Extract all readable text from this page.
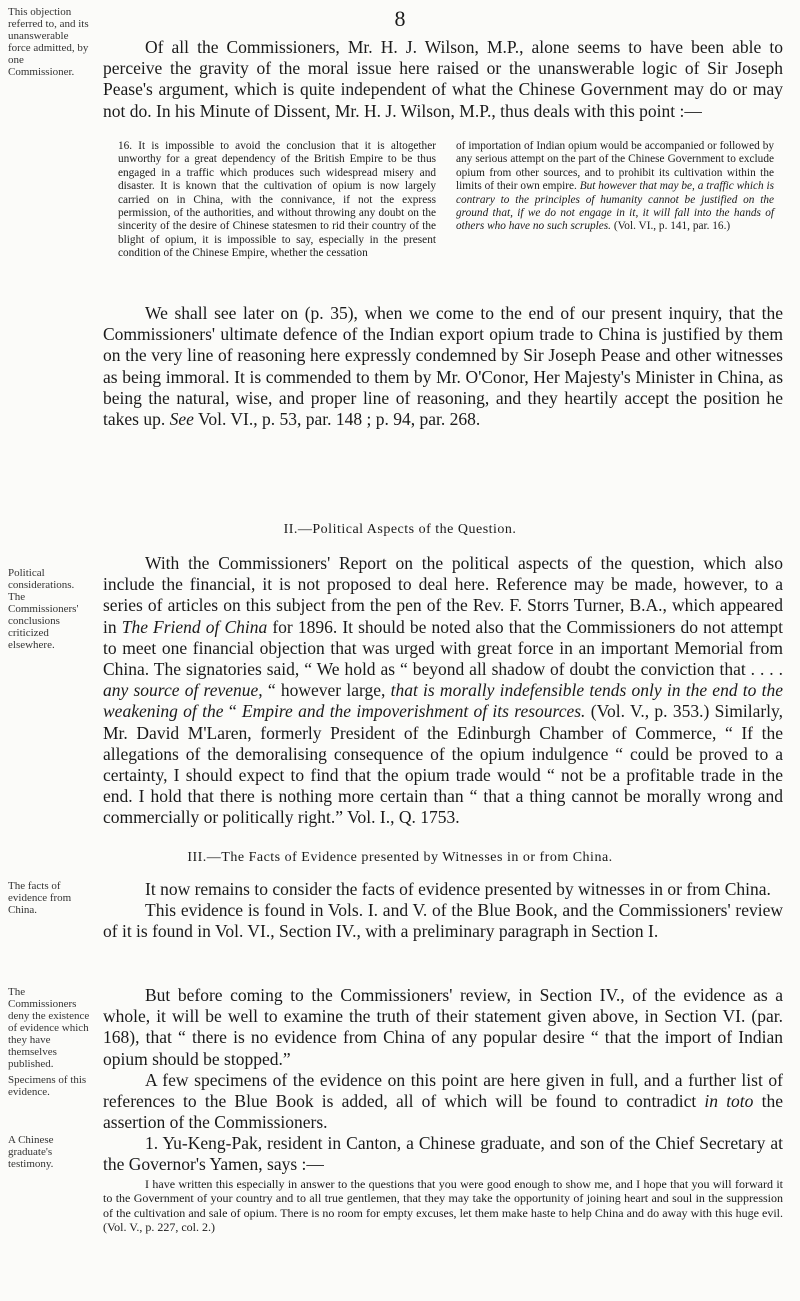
8
This objection referred to, and its unanswerable force admitted, by one Commissioner.
Political considerations. The Commissioners' conclusions criticized elsewhere.
The facts of evidence from China.
The Commissioners deny the existence of evidence which they have themselves published.
Specimens of this evidence.
A Chinese graduate's testimony.

Of all the Commissioners, Mr. H. J. Wilson, M.P., alone seems to have been able to perceive the gravity of the moral issue here raised or the unanswerable logic of Sir Joseph Pease's argument, which is quite independent of what the Chinese Government may do or may not do. In his Minute of Dissent, Mr. H. J. Wilson, M.P., thus deals with this point :—

16. It is impossible to avoid the conclusion that it is altogether unworthy for a great dependency of the British Empire to be thus engaged in a traffic which produces such widespread misery and disaster. It is known that the cultivation of opium is now largely carried on in China, with the connivance, if not the express permission, of the authorities, and without throwing any doubt on the sincerity of the desire of Chinese statesmen to rid their country of the blight of opium, it is impossible to say, especially in the present condition of the Chinese Empire, whether the cessation
of importation of Indian opium would be accompanied or followed by any serious attempt on the part of the Chinese Government to exclude opium from other sources, and to prohibit its cultivation within the limits of their own empire. But however that may be, a traffic which is contrary to the principles of humanity cannot be justified on the ground that, if we do not engage in it, it will fall into the hands of others who have no such scruples. (Vol. VI., p. 141, par. 16.)

We shall see later on (p. 35), when we come to the end of our present inquiry, that the Commissioners' ultimate defence of the Indian export opium trade to China is justified by them on the very line of reasoning here expressly condemned by Sir Joseph Pease and other witnesses as being immoral. It is commended to them by Mr. O'Conor, Her Majesty's Minister in China, as being the natural, wise, and proper line of reasoning, and they heartily accept the position he takes up. See Vol. VI., p. 53, par. 148 ; p. 94, par. 268.

II.—Political Aspects of the Question.

With the Commissioners' Report on the political aspects of the question, which also include the financial, it is not proposed to deal here. Reference may be made, however, to a series of articles on this subject from the pen of the Rev. F. Storrs Turner, B.A., which appeared in The Friend of China for 1896. It should be noted also that the Commissioners do not attempt to meet one financial objection that was urged with great force in an important Memorial from China. The signatories said, “ We hold as “ beyond all shadow of doubt the conviction that . . . . any source of revenue, “ however large, that is morally indefensible tends only in the end to the weakening of the “ Empire and the impoverishment of its resources. (Vol. V., p. 353.) Similarly, Mr. David M'Laren, formerly President of the Edinburgh Chamber of Commerce, “ If the allegations of the demoralising consequence of the opium indulgence “ could be proved to a certainty, I should expect to find that the opium trade would “ not be a profitable trade in the end. I hold that there is nothing more certain than “ that a thing cannot be morally wrong and commercially or politically right.” Vol. I., Q. 1753.

III.—The Facts of Evidence presented by Witnesses in or from China.

It now remains to consider the facts of evidence presented by witnesses in or from China.

This evidence is found in Vols. I. and V. of the Blue Book, and the Commissioners' review of it is found in Vol. VI., Section IV., with a preliminary paragraph in Section I.

But before coming to the Commissioners' review, in Section IV., of the evidence as a whole, it will be well to examine the truth of their statement given above, in Section VI. (par. 168), that “ there is no evidence from China of any popular desire “ that the import of Indian opium should be stopped.”

A few specimens of the evidence on this point are here given in full, and a further list of references to the Blue Book is added, all of which will be found to contradict in toto the assertion of the Commissioners.

1. Yu-Keng-Pak, resident in Canton, a Chinese graduate, and son of the Chief Secretary at the Governor's Yamen, says :—

I have written this especially in answer to the questions that you were good enough to show me, and I hope that you will forward it to the Government of your country and to all true gentlemen, that they may take the opportunity of joining heart and soul in the suppression of the cultivation and sale of opium. There is no room for empty excuses, let them make haste to help China and do away with this huge evil. (Vol. V., p. 227, col. 2.)
